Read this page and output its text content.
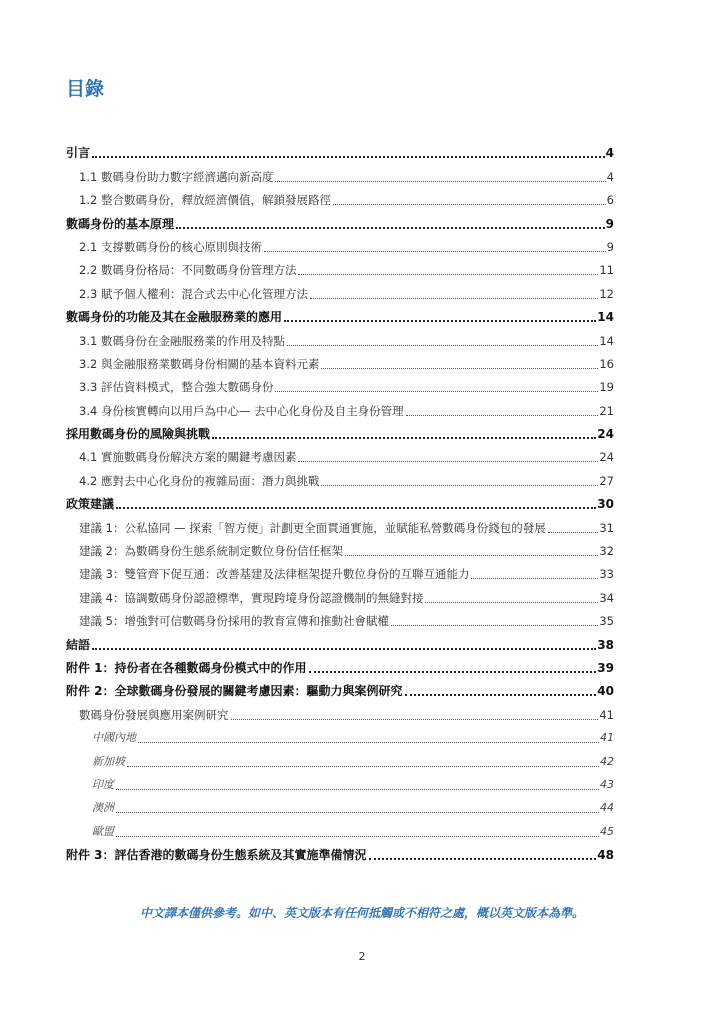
目錄
引言	4
1.1 數碼身份助力數字經濟邁向新高度	4
1.2 整合數碼身份，釋放經濟價值，解鎖發展路徑	6
數碼身份的基本原理	9
2.1 支撐數碼身份的核心原則與技術	9
2.2 數碼身份格局：不同數碼身份管理方法	11
2.3 賦予個人權利：混合式去中心化管理方法	12
數碼身份的功能及其在金融服務業的應用	14
3.1 數碼身份在金融服務業的作用及特點	14
3.2 與金融服務業數碼身份相關的基本資料元素	16
3.3 評估資料模式，整合強大數碼身份	19
3.4 身份核實轉向以用戶為中心— 去中心化身份及自主身份管理	21
採用數碼身份的風險與挑戰	24
4.1 實施數碼身份解決方案的關鍵考慮因素	24
4.2 應對去中心化身份的複雜局面：潛力與挑戰	27
政策建議	30
建議 1：公私協同 — 探索「智方便」計劃更全面貫通實施，並賦能私營數碼身份錢包的發展	31
建議 2：為數碼身份生態系統制定數位身份信任框架	32
建議 3：雙管齊下促互通：改善基建及法律框架提升數位身份的互聯互通能力	33
建議 4：協調數碼身份認證標準，實現跨境身份認證機制的無縫對接	34
建議 5：增強對可信數碼身份採用的教育宣傳和推動社會賦權	35
結語	38
附件 1：持份者在各種數碼身份模式中的作用	39
附件 2：全球數碼身份發展的關鍵考慮因素：驅動力與案例研究	40
數碼身份發展與應用案例研究	41
中國內地	41
新加坡	42
印度	43
澳洲	44
歐盟	45
附件 3：評估香港的數碼身份生態系統及其實施準備情況	48
中文譯本僅供參考。如中、英文版本有任何抵觸或不相符之處，概以英文版本為準。
2
